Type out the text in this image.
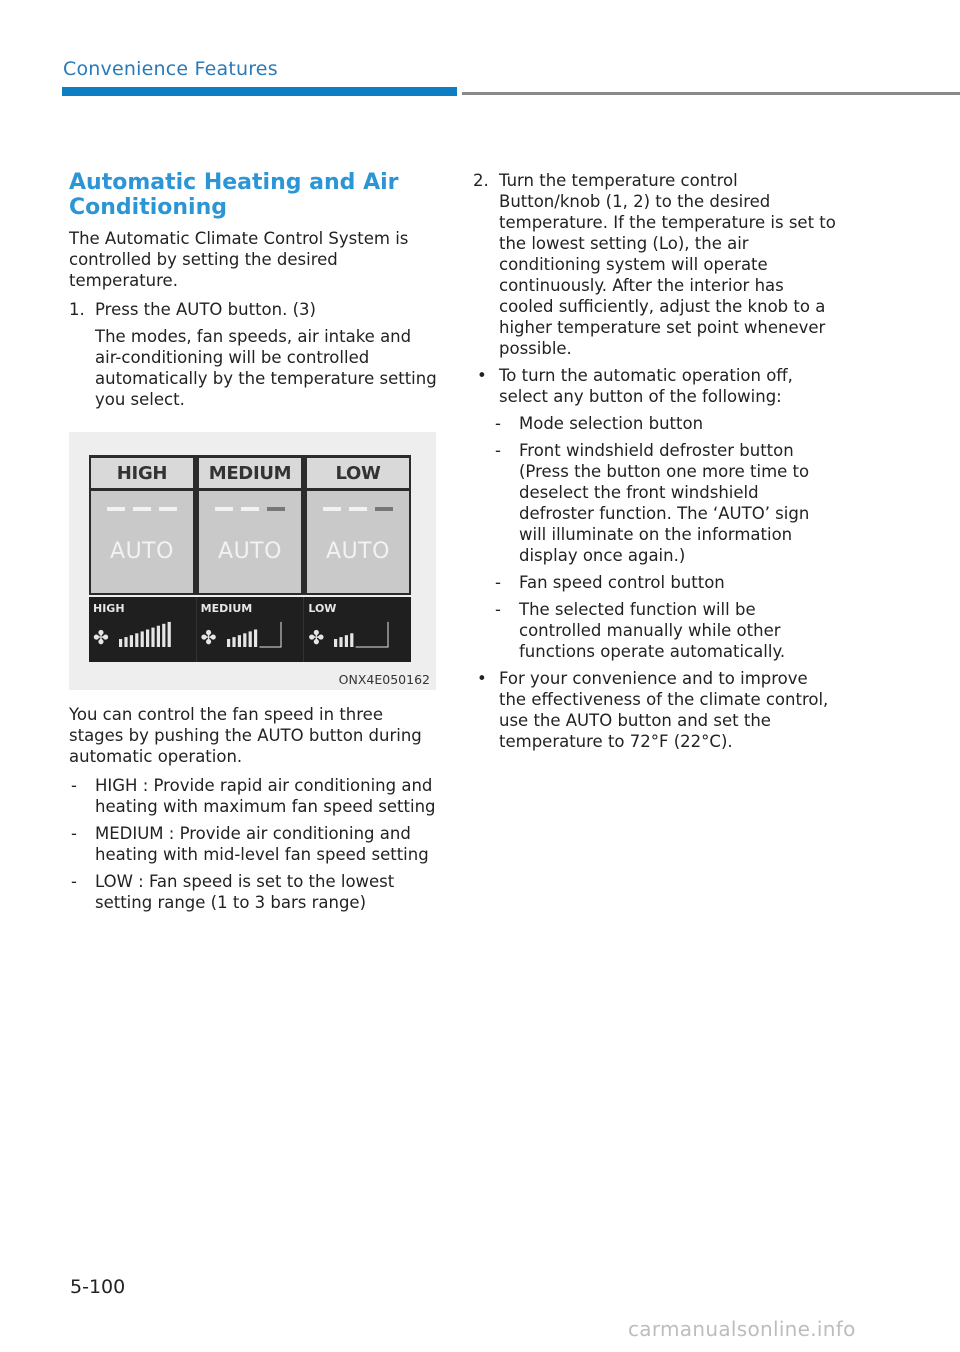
Convenience Features
Automatic Heating and Air
Conditioning
The Automatic Climate Control System is controlled by setting the desired temperature.
1. Press the AUTO button. (3)
The modes, fan speeds, air intake and air-conditioning will be controlled automatically by the temperature setting you select.
HIGH
AUTO
MEDIUM
AUTO
LOW
AUTO
HIGH
✤
MEDIUM
✤
LOW
✤
ONX4E050162
You can control the fan speed in three stages by pushing the AUTO button during automatic operation.
- HIGH : Provide rapid air conditioning and heating with maximum fan speed setting
- MEDIUM : Provide air conditioning and heating with mid-level fan speed setting
- LOW : Fan speed is set to the lowest setting range (1 to 3 bars range)
2. Turn the temperature control Button/knob (1, 2) to the desired temperature. If the temperature is set to the lowest setting (Lo), the air conditioning system will operate continuously. After the interior has cooled sufficiently, adjust the knob to a higher temperature set point whenever possible.
• To turn the automatic operation off, select any button of the following:
- Mode selection button
- Front windshield defroster button (Press the button one more time to deselect the front windshield defroster function. The ‘AUTO’ sign will illuminate on the information display once again.)
- Fan speed control button
- The selected function will be controlled manually while other functions operate automatically.
• For your convenience and to improve the effectiveness of the climate control, use the AUTO button and set the temperature to 72°F (22°C).
5-100
carmanualsonline.info
